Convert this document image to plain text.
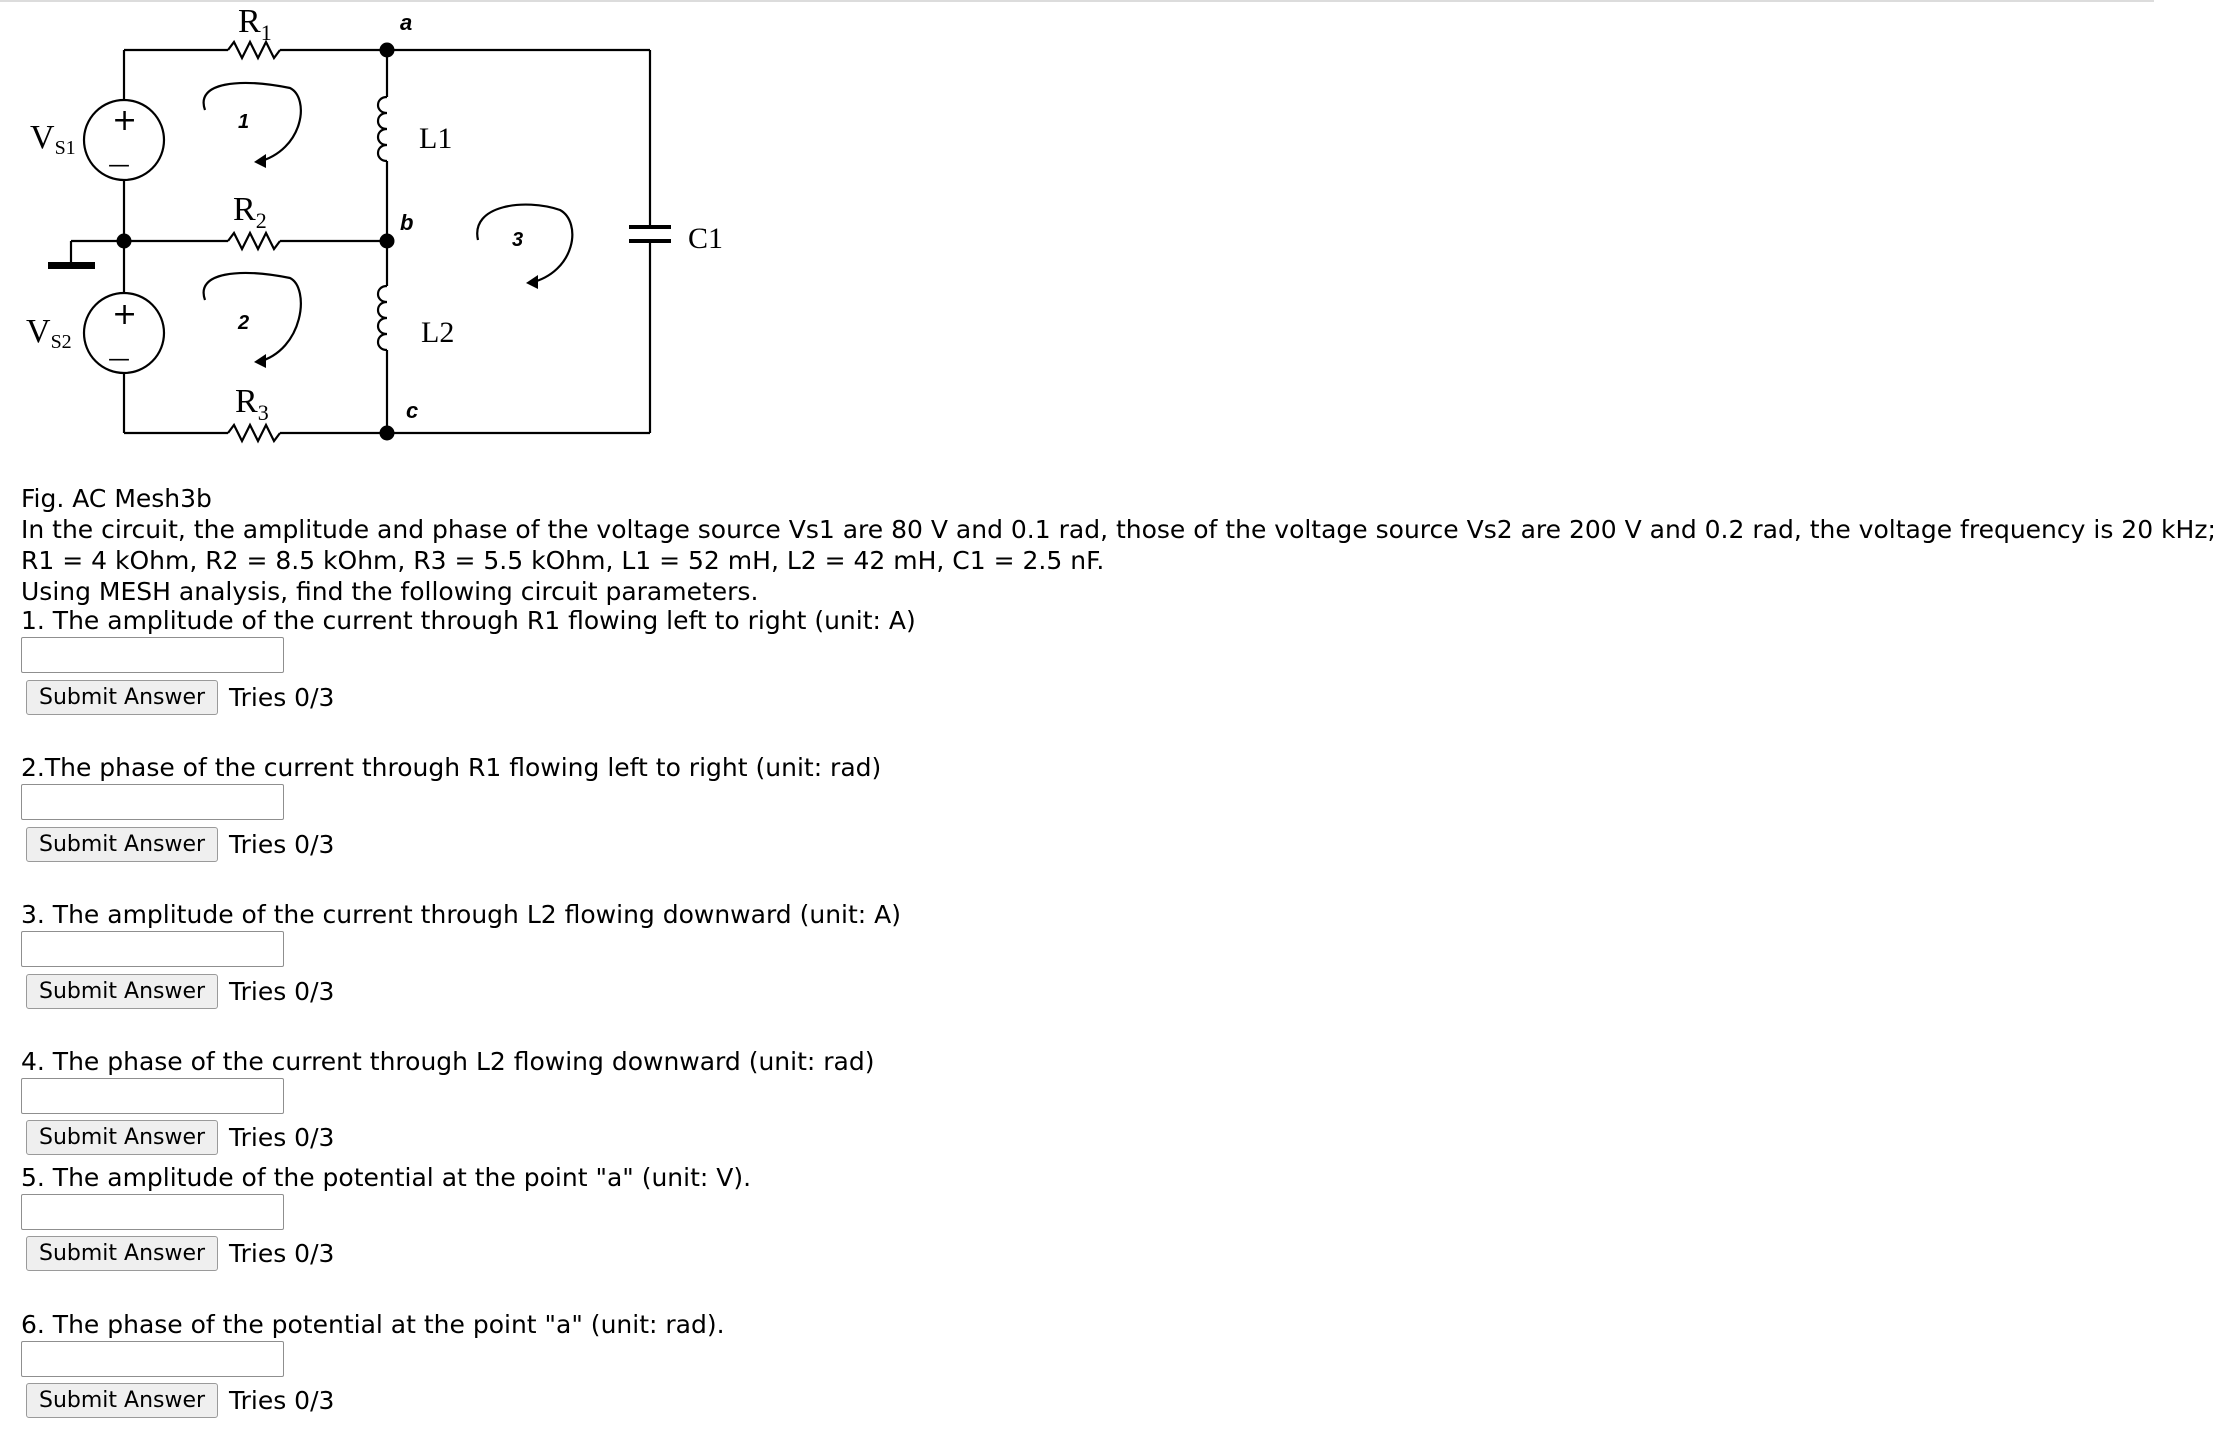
$R_1$
$R_2$
$R_3$
VS1
VS2
L1
L2
C1
a
b
c
1
2
3
+
—
+
—
Fig. AC Mesh3b
In the circuit, the amplitude and phase of the voltage source Vs1 are 80 V and 0.1 rad, those of the voltage source Vs2 are 200 V and 0.2 rad, the voltage frequency is 20 kHz;
R1 = 4 kOhm, R2 = 8.5 kOhm, R3 = 5.5 kOhm, L1 = 52 mH, L2 = 42 mH, C1 = 2.5 nF.
Using MESH analysis, find the following circuit parameters.
1. The amplitude of the current through R1 flowing left to right (unit: A)
Submit Answer Tries 0/3
2.The phase of the current through R1 flowing left to right (unit: rad)
Submit Answer Tries 0/3
3. The amplitude of the current through L2 flowing downward (unit: A)
Submit Answer Tries 0/3
4. The phase of the current through L2 flowing downward (unit: rad)
Submit Answer Tries 0/3
5. The amplitude of the potential at the point "a" (unit: V).
Submit Answer Tries 0/3
6. The phase of the potential at the point "a" (unit: rad).
Submit Answer Tries 0/3
